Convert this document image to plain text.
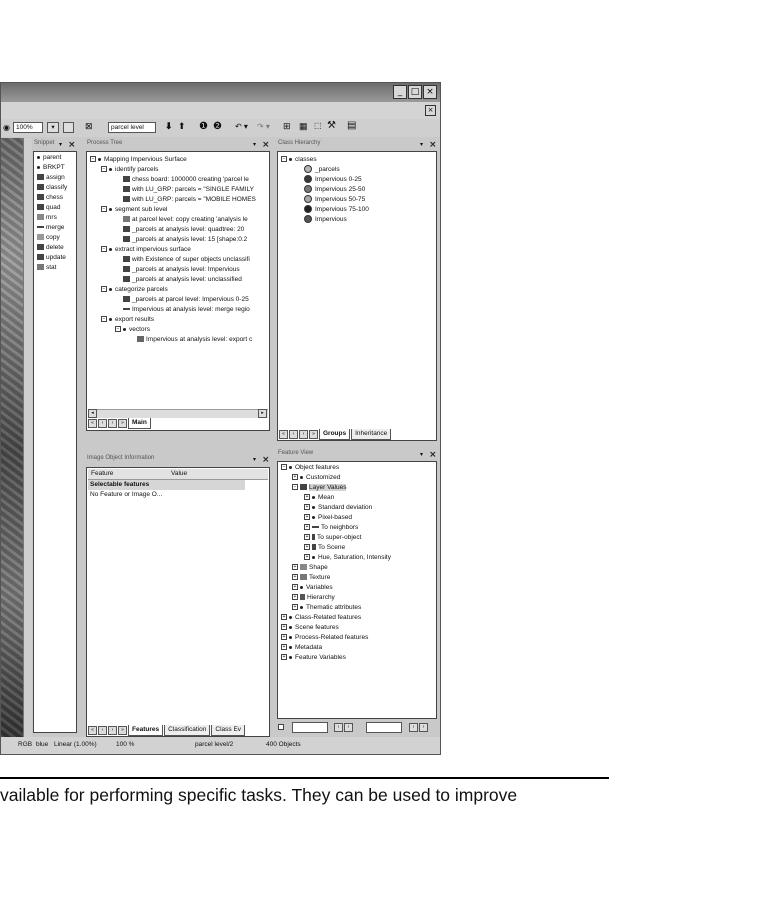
_ □ ×
×
◉ 100%	▾	⊠	parcel level	⬇ ⬆ ❶ ❷ ↶ ▾ ↷ ▾ ⊞ ▦ ⬚ ⚒ ▤
Snippet ▾ ×
parent
BRKPT
assign
classify
chess
quad
mrs
merge
copy
delete
update
stat
Process Tree	▾ ×
− Mapping Impervious Surface
− identify parcels
chess board: 1000000 creating 'parcel le
with LU_GRP: parcels = "SINGLE FAMILY
with LU_GRP: parcels = "MOBILE HOMES
− segment sub level
at parcel level: copy creating 'analysis le
_parcels at analysis level: quadtree: 20
_parcels at analysis level: 15 [shape:0.2
− extract impervious surface
with Existence of super objects unclassifi
_parcels at analysis level: Impervious
_parcels at analysis level: unclassified
− categorize parcels
_parcels at parcel level: Impervious 0-25
Impervious at analysis level: merge regio
− export results
− vectors
Impervious at analysis level: export c
◂	▸
« ‹ › » Main
Class Hierarchy	▾ ×
− classes
_parcels
Impervious 0-25
Impervious 25-50
Impervious 50-75
Impervious 75-100
Impervious
« ‹ › » Groups Inheritance
Image Object Information	▾ ×
Feature	Value
Selectable features
No Feature or Image O...
« ‹ › » Features Classification Class Ev
Feature View	▾ ×
− Object features
+ Customized
− Layer Values
+ Mean
+ Standard deviation
+ Pixel-based
+ To neighbors
+ To super-object
+ To Scene
+ Hue, Saturation, Intensity
+ Shape
+ Texture
+ Variables
+ Hierarchy
+ Thematic attributes
+ Class-Related features
+ Scene features
+ Process-Related features
+ Metadata
+ Feature Variables
‹	›	‹	›
RGB blue Linear (1.00%)	100 %	parcel level/2	400 Objects
vailable for performing specific tasks. They can be used to improve
